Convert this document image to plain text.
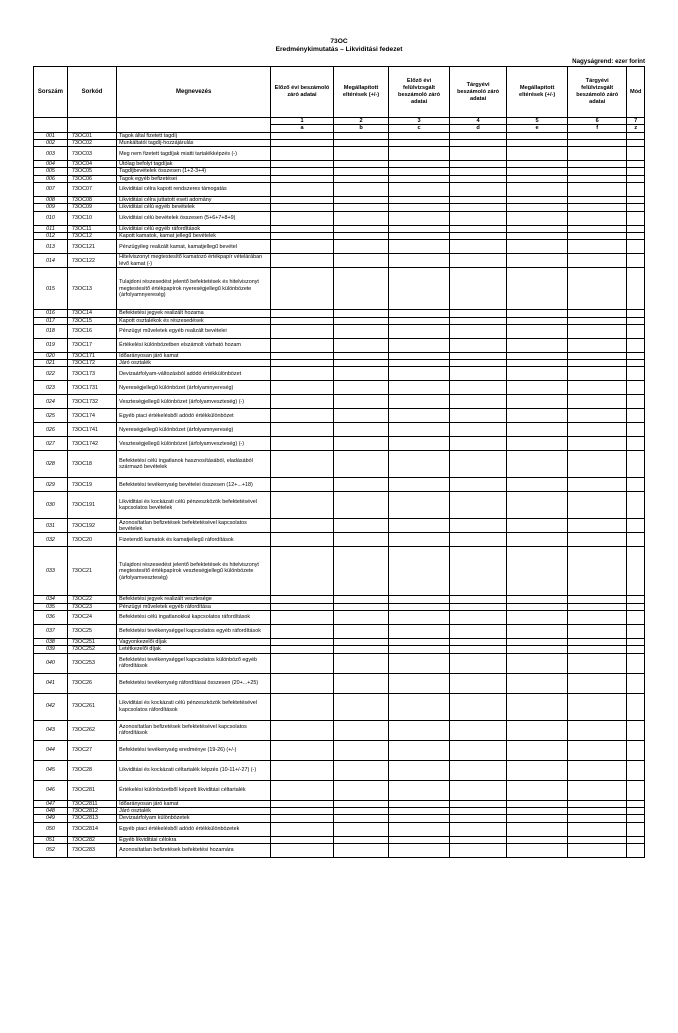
73OC
Eredménykimutatás – Likviditási fedezet
Nagyságrend: ezer forint
Sorszám	Sorkód	Megnevezés	Előző évi beszámoló záró adatai	Megállapított eltérések (+/-)	Előző évi felülvizsgált beszámoló záró adatai	Tárgyévi beszámoló záró adatai	Megállapított eltérések (+/-)	Tárgyévi felülvizsgált beszámoló záró adatai	Mód
			1	2	3	4	5	6	7
			a	b	c	d	e	f	z
001	73OC01	Tagok által fizetett tagdíj							
002	73OC02	Munkáltatói tagdíj-hozzájárulás							
003	73OC03	Meg nem fizetett tagdíjak miatti tartalékképzés (-)							
004	73OC04	Utólag befolyt tagdíjak							
005	73OC05	Tagdíjbevételek összesen (1+2-3+4)							
006	73OC06	Tagok egyéb befizetései							
007	73OC07	Likviditási célra kapott rendszeres támogatás							
008	73OC08	Likviditási célra juttatott eseti adomány							
009	73OC09	Likviditási célú egyéb bevételek							
010	73OC10	Likviditási célú bevételek összesen (5+6+7+8+9)							
011	73OC11	Likviditási célú egyéb ráfordítások							
012	73OC12	Kapott kamatok, kamat jellegű bevételek							
013	73OC121	Pénzügyileg realizált kamat, kamatjellegű bevétel							
014	73OC122	Hitelviszonyt megtestesítő kamatozó értékpapír vételárában lévő kamat (-)							
015	73OC13	Tulajdoni részesedést jelentő befektetések és hitelviszonyt megtestesítő értékpapírok nyereségjellegű különbözete (árfolyamnyereség)							
016	73OC14	Befektetési jegyek realizált hozama							
017	73OC15	Kapott osztalékok és részesedések							
018	73OC16	Pénzügyi műveletek egyéb realizált bevételei							
019	73OC17	Értékelési különbözetben elszámolt várható hozam							
020	73OC171	Időarányosan járó kamat							
021	73OC172	Járó osztalék							
022	73OC173	Devizaárfolyam-változásból adódó értékkülönbözet							
023	73OC1731	Nyereségjellegű különbözet (árfolyamnyereség)							
024	73OC1732	Veszteségjellegű különbözet (árfolyamveszteség) (-)							
025	73OC174	Egyéb piaci értékelésből adódó értékkülönbözet							
026	73OC1741	Nyereségjellegű különbözet (árfolyamnyereség)							
027	73OC1742	Veszteségjellegű különbözet (árfolyamveszteség) (-)							
028	73OC18	Befektetési célú ingatlanok hasznosításából, eladásából származó bevételek							
029	73OC19	Befektetési tevékenység bevételei összesen (12+...+18)							
030	73OC191	Likviditási és kockázati célú pénzeszközök befektetésével kapcsolatos bevételek							
031	73OC192	Azonosítatlan befizetések befektetésével kapcsolatos bevételek							
032	73OC20	Fizetendő kamatok és kamatjellegű ráfordítások							
033	73OC21	Tulajdoni részesedést jelentő befektetések és hitelviszonyt megtestesítő értékpapírok veszteségjellegű különbözete (árfolyamveszteség)							
034	73OC22	Befektetési jegyek realizált vesztesége							
035	73OC23	Pénzügyi műveletek egyéb ráfordítása							
036	73OC24	Befektetési célú ingatlanokkal kapcsolatos ráfordítások							
037	73OC25	Befektetési tevékenységgel kapcsolatos egyéb ráfordítások							
038	73OC251	Vagyonkezelői díjak							
039	73OC252	Letétkezelői díjak							
040	73OC253	Befektetési tevékenységgel kapcsolatos különböző egyéb ráfordítások							
041	73OC26	Befektetési tevékenység ráfordításai összesen (20+...+25)							
042	73OC261	Likviditási és kockázati célú pénzeszközök befektetésével kapcsolatos ráfordítások							
043	73OC262	Azonosítatlan befizetések befektetésével kapcsolatos ráfordítások							
044	73OC27	Befektetési tevékenység eredménye (19-26) (+/-)							
045	73OC28	Likviditási és kockázati céltartalék képzés (10-11+/-27) (-)							
046	73OC281	Értékelési különbözetből képzett likviditási céltartalék							
047	73OC2811	Időarányosan járó kamat							
048	73OC2812	Járó osztalék							
049	73OC2813	Devizaárfolyam különbözetek							
050	73OC2814	Egyéb piaci értékelésből adódó értékkülönbözetek							
051	73OC282	Egyéb likviditási célokra							
052	73OC283	Azonosítatlan befizetések befektetési hozamára							
